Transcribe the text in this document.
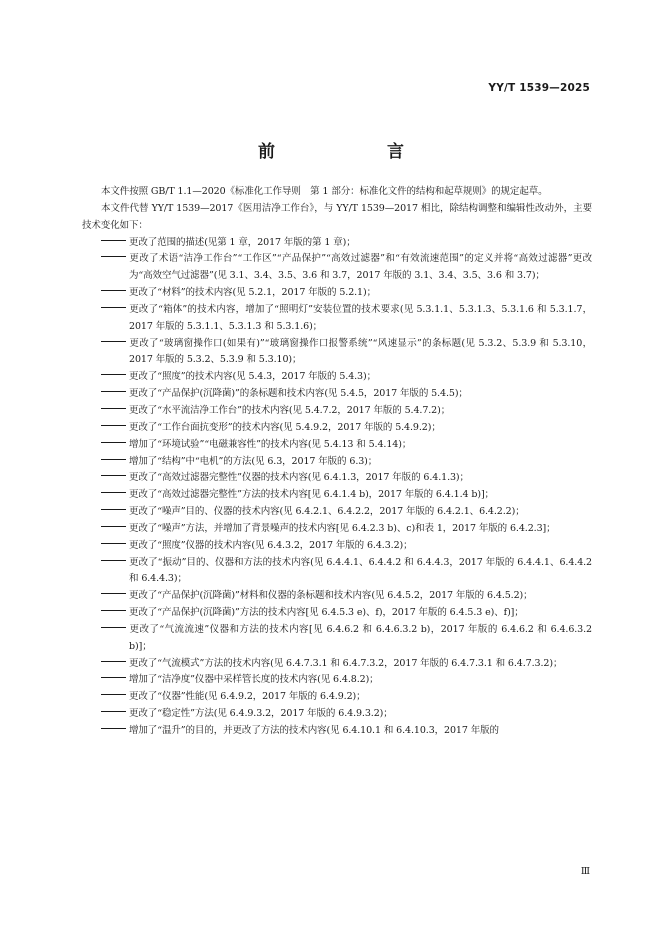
YY/T 1539—2025
前　　言

本文件按照 GB/T 1.1—2020《标准化工作导则　第 1 部分：标准化文件的结构和起草规则》的规定起草。

本文件代替 YY/T 1539—2017《医用洁净工作台》，与 YY/T 1539—2017 相比，除结构调整和编辑性改动外，主要技术变化如下：

更改了范围的描述(见第 1 章，2017 年版的第 1 章)；

更改了术语“洁净工作台”“工作区”“产品保护”“高效过滤器”和“有效流速范围”的定义并将“高效过滤器”更改为“高效空气过滤器”(见 3.1、3.4、3.5、3.6 和 3.7，2017 年版的 3.1、3.4、3.5、3.6 和 3.7)；

更改了“材料”的技术内容(见 5.2.1，2017 年版的 5.2.1)；

更改了“箱体”的技术内容，增加了“照明灯”安装位置的技术要求(见 5.3.1.1、5.3.1.3、5.3.1.6 和 5.3.1.7，2017 年版的 5.3.1.1、5.3.1.3 和 5.3.1.6)；

更改了“玻璃窗操作口(如果有)”“玻璃窗操作口报警系统”“风速显示”的条标题(见 5.3.2、5.3.9 和 5.3.10，2017 年版的 5.3.2、5.3.9 和 5.3.10)；

更改了“照度”的技术内容(见 5.4.3，2017 年版的 5.4.3)；

更改了“产品保护(沉降菌)”的条标题和技术内容(见 5.4.5，2017 年版的 5.4.5)；

更改了“水平流洁净工作台”的技术内容(见 5.4.7.2，2017 年版的 5.4.7.2)；

更改了“工作台面抗变形”的技术内容(见 5.4.9.2，2017 年版的 5.4.9.2)；

增加了“环境试验”“电磁兼容性”的技术内容(见 5.4.13 和 5.4.14)；

增加了“结构”中“电机”的方法(见 6.3，2017 年版的 6.3)；

更改了“高效过滤器完整性”仪器的技术内容(见 6.4.1.3，2017 年版的 6.4.1.3)；

更改了“高效过滤器完整性”方法的技术内容[见 6.4.1.4 b)，2017 年版的 6.4.1.4 b)]；

更改了“噪声”目的、仪器的技术内容(见 6.4.2.1、6.4.2.2，2017 年版的 6.4.2.1、6.4.2.2)；

更改了“噪声”方法，并增加了背景噪声的技术内容[见 6.4.2.3 b)、c)和表 1，2017 年版的 6.4.2.3]；

更改了“照度”仪器的技术内容(见 6.4.3.2，2017 年版的 6.4.3.2)；

更改了“振动”目的、仪器和方法的技术内容(见 6.4.4.1、6.4.4.2 和 6.4.4.3，2017 年版的 6.4.4.1、6.4.4.2 和 6.4.4.3)；

更改了“产品保护(沉降菌)”材料和仪器的条标题和技术内容(见 6.4.5.2，2017 年版的 6.4.5.2)；

更改了“产品保护(沉降菌)”方法的技术内容[见 6.4.5.3 e)、f)，2017 年版的 6.4.5.3 e)、f)]；

更改了“气流流速”仪器和方法的技术内容[见 6.4.6.2 和 6.4.6.3.2 b)，2017 年版的 6.4.6.2 和 6.4.6.3.2 b)]；

更改了“气流模式”方法的技术内容(见 6.4.7.3.1 和 6.4.7.3.2，2017 年版的 6.4.7.3.1 和 6.4.7.3.2)；

增加了“洁净度”仪器中采样管长度的技术内容(见 6.4.8.2)；

更改了“仪器”性能(见 6.4.9.2，2017 年版的 6.4.9.2)；

更改了“稳定性”方法(见 6.4.9.3.2，2017 年版的 6.4.9.3.2)；

增加了“温升”的目的，并更改了方法的技术内容(见 6.4.10.1 和 6.4.10.3，2017 年版的

Ⅲ
